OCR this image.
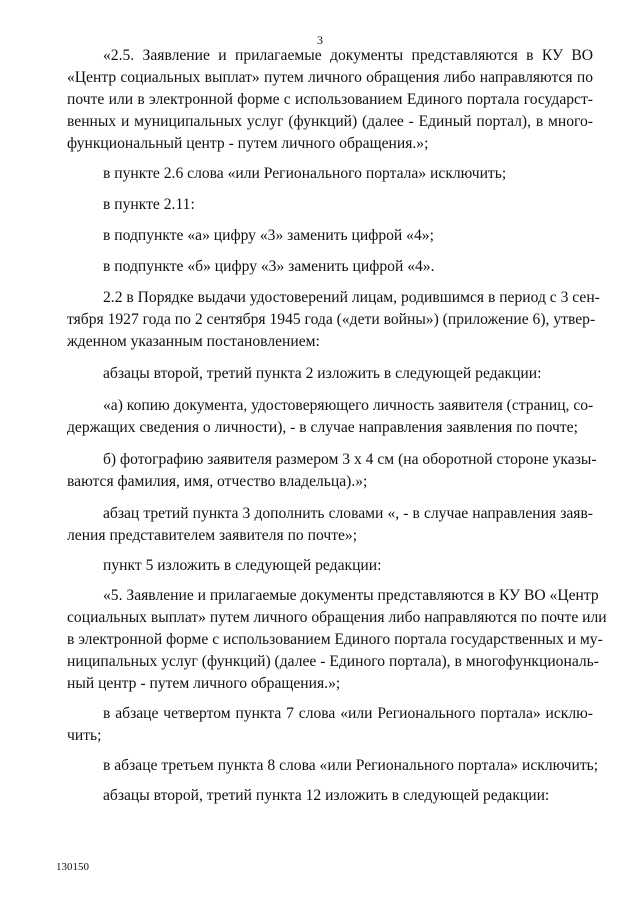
3
«2.5. Заявление и прилагаемые документы представляются в КУ ВО
«Центр социальных выплат» путем личного обращения либо направляются по
почте или в электронной форме с использованием Единого портала государст-
венных и муниципальных услуг (функций) (далее - Единый портал), в много-
функциональный центр - путем личного обращения.»;
в пункте 2.6 слова «или Регионального портала» исключить;
в пункте 2.11:
в подпункте «а» цифру «3» заменить цифрой «4»;
в подпункте «б» цифру «3» заменить цифрой «4».
2.2 в Порядке выдачи удостоверений лицам, родившимся в период с 3 сен-
тября 1927 года по 2 сентября 1945 года («дети войны») (приложение 6), утвер-
жденном указанным постановлением:
абзацы второй, третий пункта 2 изложить в следующей редакции:
«а) копию документа, удостоверяющего личность заявителя (страниц, со-
держащих сведения о личности), - в случае направления заявления по почте;
б) фотографию заявителя размером 3 х 4 см (на оборотной стороне указы-
ваются фамилия, имя, отчество владельца).»;
абзац третий пункта 3 дополнить словами «, - в случае направления заяв-
ления представителем заявителя по почте»;
пункт 5 изложить в следующей редакции:
«5. Заявление и прилагаемые документы представляются в КУ ВО «Центр
социальных выплат» путем личного обращения либо направляются по почте или
в электронной форме с использованием Единого портала государственных и му-
ниципальных услуг (функций) (далее - Единого портала), в многофункциональ-
ный центр - путем личного обращения.»;
в абзаце четвертом пункта 7 слова «или Регионального портала» исклю-
чить;
в абзаце третьем пункта 8 слова «или Регионального портала» исключить;
абзацы второй, третий пункта 12 изложить в следующей редакции:
130150
